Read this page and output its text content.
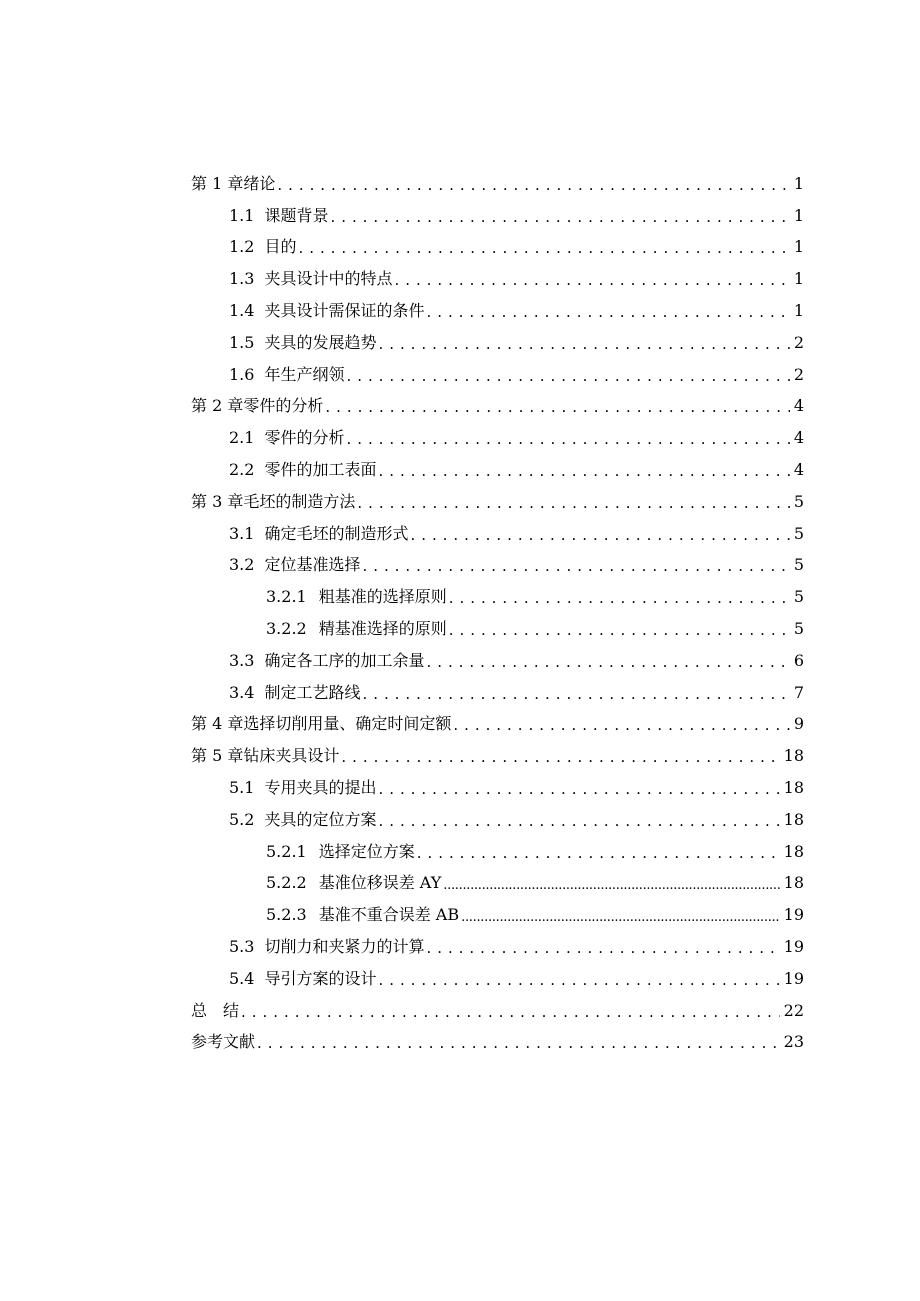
第 1 章绪论 . . .	1
1.1 课题背景 . . .	1
1.2 目的 . . .	1
1.3 夹具设计中的特点 . . .	1
1.4 夹具设计需保证的条件 . . .	1
1.5 夹具的发展趋势 . . .	2
1.6 年生产纲领 . . .	2
第 2 章零件的分析 . . .	4
2.1 零件的分析 . . .	4
2.2 零件的加工表面 . . .	4
第 3 章毛坯的制造方法 . . .	5
3.1 确定毛坯的制造形式 . . .	5
3.2 定位基准选择 . . .	5
3.2.1 粗基准的选择原则 . . .	5
3.2.2 精基准选择的原则 . . .	5
3.3 确定各工序的加工余量 . . .	6
3.4 制定工艺路线 . . .	7
第 4 章选择切削用量、确定时间定额 . . .	9
第 5 章钻床夹具设计 . . .	18
5.1 专用夹具的提出 . . .	18
5.2 夹具的定位方案 . . .	18
5.2.1 选择定位方案 . . .	18
5.2.2 基准位移误差 AY .....	18
5.2.3 基准不重合误差 AB .....	19
5.3 切削力和夹紧力的计算 . . .	19
5.4 导引方案的设计 . . .	19
总　结 . . .	22
参考文献 . . .	23
